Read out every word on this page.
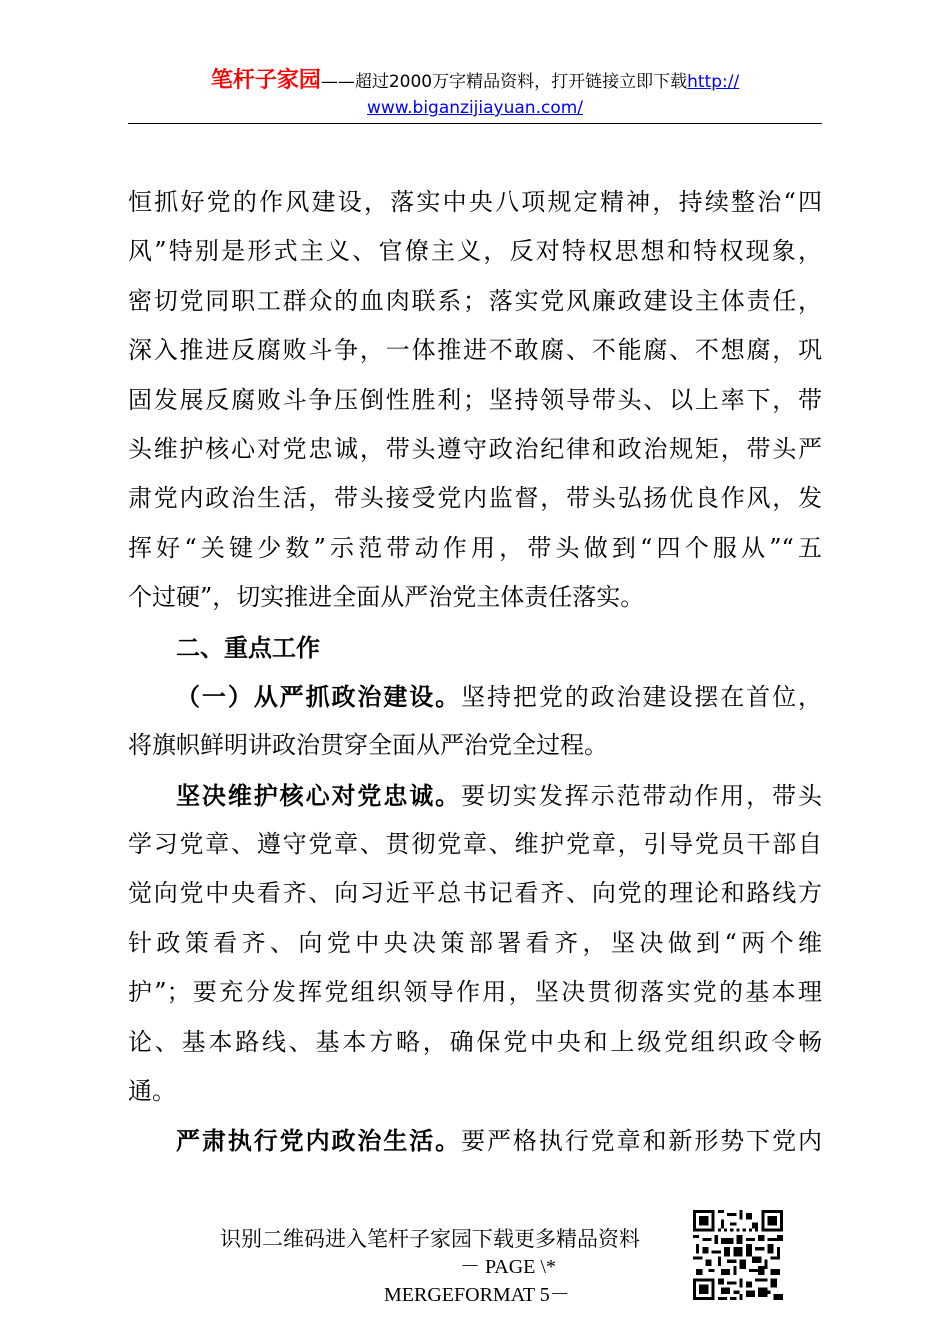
笔杆子家园——超过2000万字精品资料，打开链接立即下载http://
www.biganzijiayuan.com/
恒抓好党的作风建设，落实中央八项规定精神，持续整治“四
风”特别是形式主义、官僚主义，反对特权思想和特权现象，
密切党同职工群众的血肉联系；落实党风廉政建设主体责任，
深入推进反腐败斗争，一体推进不敢腐、不能腐、不想腐，巩
固发展反腐败斗争压倒性胜利；坚持领导带头、以上率下，带
头维护核心对党忠诚，带头遵守政治纪律和政治规矩，带头严
肃党内政治生活，带头接受党内监督，带头弘扬优良作风，发
挥好“关键少数”示范带动作用，带头做到“四个服从”“五
个过硬”，切实推进全面从严治党主体责任落实。
二、重点工作
（一）从严抓政治建设。坚持把党的政治建设摆在首位，
将旗帜鲜明讲政治贯穿全面从严治党全过程。
坚决维护核心对党忠诚。要切实发挥示范带动作用，带头
学习党章、遵守党章、贯彻党章、维护党章，引导党员干部自
觉向党中央看齐、向习近平总书记看齐、向党的理论和路线方
针政策看齐、向党中央决策部署看齐，坚决做到“两个维
护”；要充分发挥党组织领导作用，坚决贯彻落实党的基本理
论、基本路线、基本方略，确保党中央和上级党组织政令畅
通。
严肃执行党内政治生活。要严格执行党章和新形势下党内
识别二维码进入笔杆子家园下载更多精品资料
－ PAGE \*
MERGEFORMAT 5－
